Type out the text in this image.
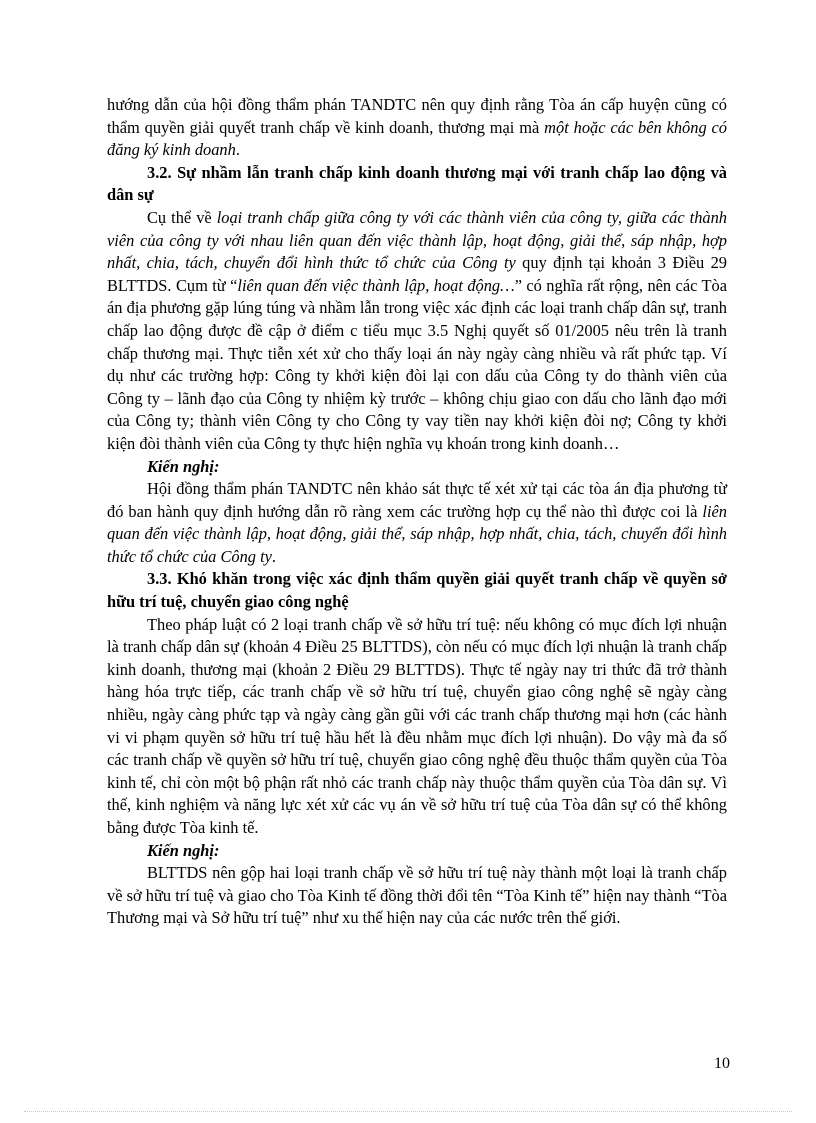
hướng dẫn của hội đồng thẩm phán TANDTC nên quy định rằng Tòa án cấp huyện cũng có thẩm quyền giải quyết tranh chấp về kinh doanh, thương mại mà một hoặc các bên không có đăng ký kinh doanh.

3.2. Sự nhầm lẫn tranh chấp kinh doanh thương mại với tranh chấp lao động và dân sự

Cụ thể về loại tranh chấp giữa công ty với các thành viên của công ty, giữa các thành viên của công ty với nhau liên quan đến việc thành lập, hoạt động, giải thể, sáp nhập, hợp nhất, chia, tách, chuyển đổi hình thức tổ chức của Công ty quy định tại khoản 3 Điều 29 BLTTDS. Cụm từ “liên quan đến việc thành lập, hoạt động…” có nghĩa rất rộng, nên các Tòa án địa phương gặp lúng túng và nhầm lẫn trong việc xác định các loại tranh chấp dân sự, tranh chấp lao động được đề cập ở điểm c tiểu mục 3.5 Nghị quyết số 01/2005 nêu trên là tranh chấp thương mại. Thực tiễn xét xử cho thấy loại án này ngày càng nhiều và rất phức tạp. Ví dụ như các trường hợp: Công ty khởi kiện đòi lại con dấu của Công ty do thành viên của Công ty – lãnh đạo của Công ty nhiệm kỳ trước – không chịu giao con dấu cho lãnh đạo mới của Công ty; thành viên Công ty cho Công ty vay tiền nay khởi kiện đòi nợ; Công ty khởi kiện đòi thành viên của Công ty thực hiện nghĩa vụ khoán trong kinh doanh…

Kiến nghị:

Hội đồng thẩm phán TANDTC nên khảo sát thực tế xét xử tại các tòa án địa phương từ đó ban hành quy định hướng dẫn rõ ràng xem các trường hợp cụ thể nào thì được coi là liên quan đến việc thành lập, hoạt động, giải thể, sáp nhập, hợp nhất, chia, tách, chuyển đổi hình thức tổ chức của Công ty.

3.3. Khó khăn trong việc xác định thẩm quyền giải quyết tranh chấp về quyền sở hữu trí tuệ, chuyển giao công nghệ

Theo pháp luật có 2 loại tranh chấp về sở hữu trí tuệ: nếu không có mục đích lợi nhuận là tranh chấp dân sự (khoản 4 Điều 25 BLTTDS), còn nếu có mục đích lợi nhuận là tranh chấp kinh doanh, thương mại (khoản 2 Điều 29 BLTTDS). Thực tế ngày nay tri thức đã trở thành hàng hóa trực tiếp, các tranh chấp về sở hữu trí tuệ, chuyển giao công nghệ sẽ ngày càng nhiều, ngày càng phức tạp và ngày càng gần gũi với các tranh chấp thương mại hơn (các hành vi vi phạm quyền sở hữu trí tuệ hầu hết là đều nhằm mục đích lợi nhuận). Do vậy mà đa số các tranh chấp về quyền sở hữu trí tuệ, chuyển giao công nghệ đều thuộc thẩm quyền của Tòa kinh tế, chỉ còn một bộ phận rất nhỏ các tranh chấp này thuộc thẩm quyền của Tòa dân sự. Vì thế, kinh nghiệm và năng lực xét xử các vụ án về sở hữu trí tuệ của Tòa dân sự có thể không bằng được Tòa kinh tế.

Kiến nghị:

BLTTDS nên gộp hai loại tranh chấp về sở hữu trí tuệ này thành một loại là tranh chấp về sở hữu trí tuệ và giao cho Tòa Kinh tế đồng thời đổi tên “Tòa Kinh tế” hiện nay thành “Tòa Thương mại và Sở hữu trí tuệ” như xu thế hiện nay của các nước trên thế giới.

10
